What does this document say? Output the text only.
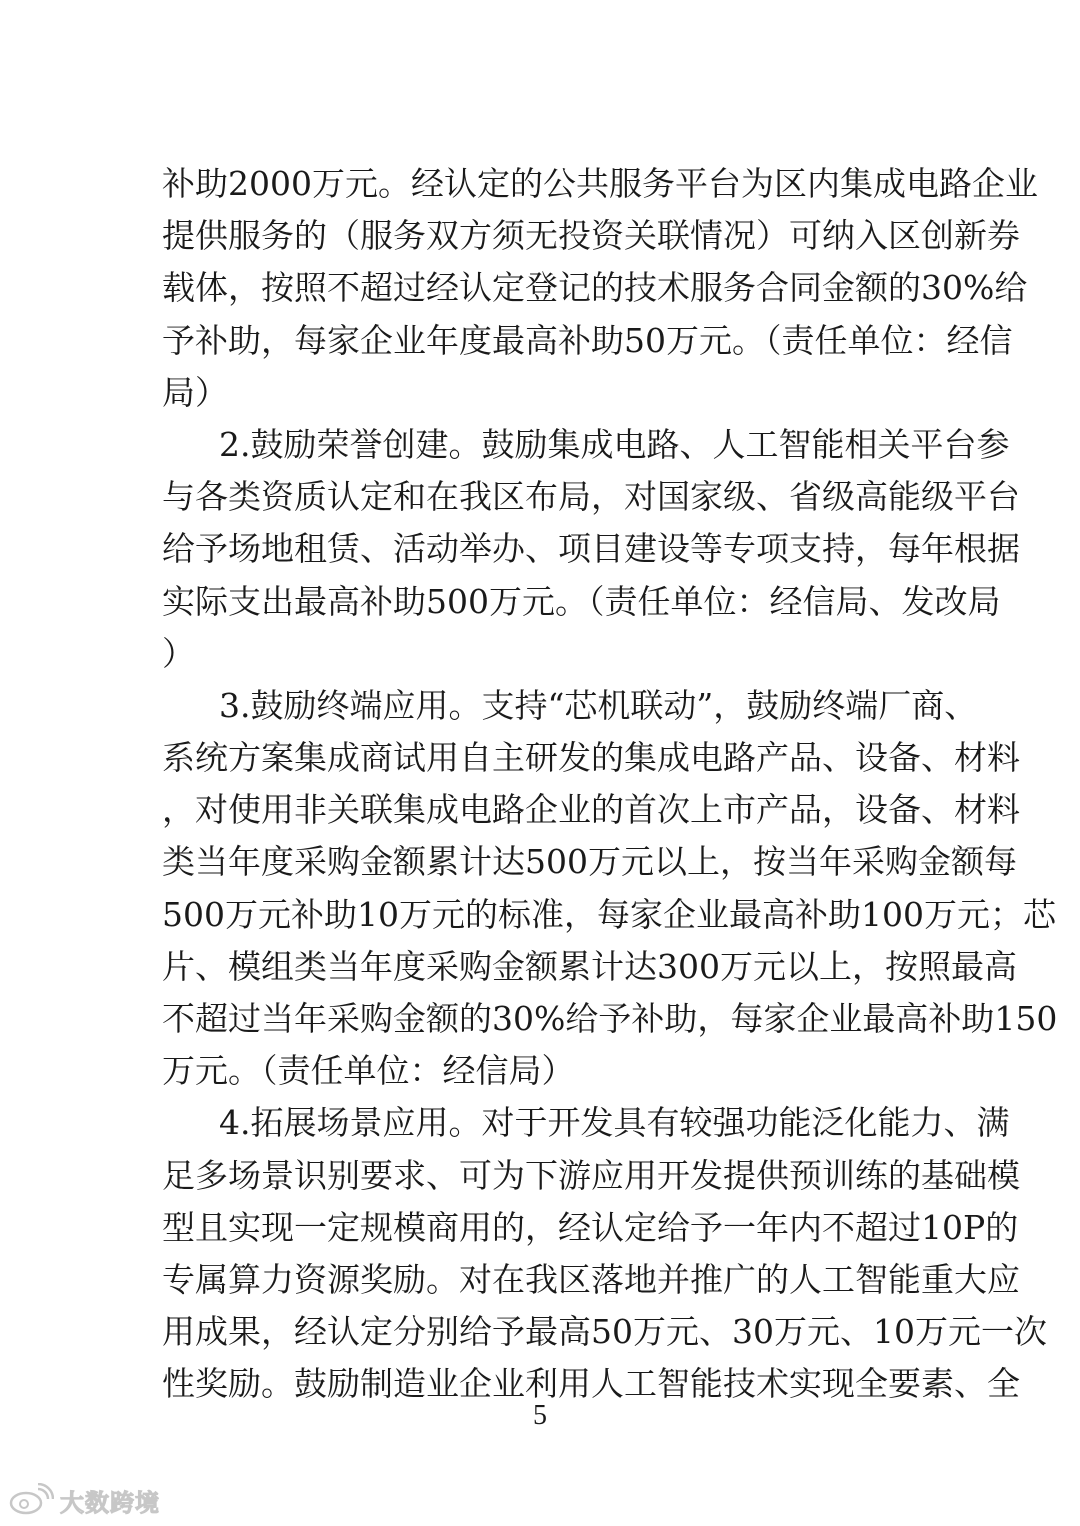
补助2000万元。经认定的公共服务平台为区内集成电路企业
提供服务的（服务双方须无投资关联情况）可纳入区创新券
载体，按照不超过经认定登记的技术服务合同金额的30%给
予补助，每家企业年度最高补助50万元。（责任单位：经信
局）
2.鼓励荣誉创建。鼓励集成电路、人工智能相关平台参
与各类资质认定和在我区布局，对国家级、省级高能级平台
给予场地租赁、活动举办、项目建设等专项支持，每年根据
实际支出最高补助500万元。（责任单位：经信局、发改局
）
3.鼓励终端应用。支持“芯机联动”，鼓励终端厂商、
系统方案集成商试用自主研发的集成电路产品、设备、材料
，对使用非关联集成电路企业的首次上市产品，设备、材料
类当年度采购金额累计达500万元以上，按当年采购金额每
500万元补助10万元的标准，每家企业最高补助100万元；芯
片、模组类当年度采购金额累计达300万元以上，按照最高
不超过当年采购金额的30%给予补助，每家企业最高补助150
万元。（责任单位：经信局）
4.拓展场景应用。对于开发具有较强功能泛化能力、满
足多场景识别要求、可为下游应用开发提供预训练的基础模
型且实现一定规模商用的，经认定给予一年内不超过10P的
专属算力资源奖励。对在我区落地并推广的人工智能重大应
用成果，经认定分别给予最高50万元、30万元、10万元一次
性奖励。鼓励制造业企业利用人工智能技术实现全要素、全
5
大数跨境
